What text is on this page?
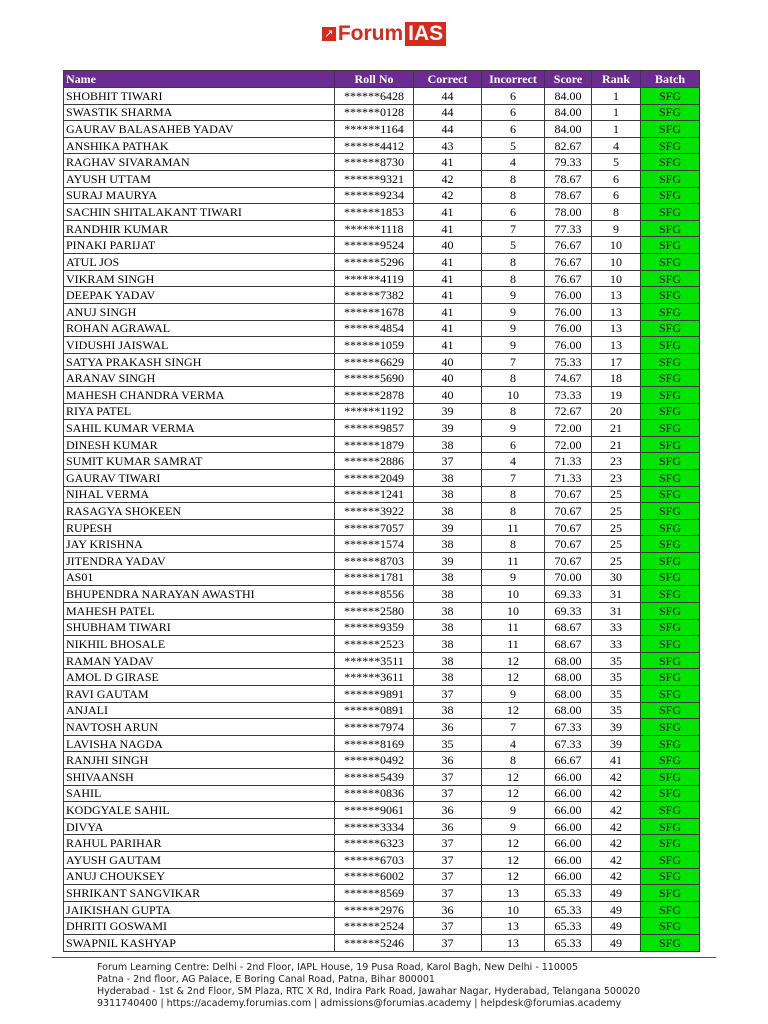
↗ Forum IAS
Name	Roll No	Correct	Incorrect	Score	Rank	Batch
SHOBHIT TIWARI	******6428	44	6	84.00	1	SFG
SWASTIK SHARMA	******0128	44	6	84.00	1	SFG
GAURAV BALASAHEB YADAV	******1164	44	6	84.00	1	SFG
ANSHIKA PATHAK	******4412	43	5	82.67	4	SFG
RAGHAV SIVARAMAN	******8730	41	4	79.33	5	SFG
AYUSH UTTAM	******9321	42	8	78.67	6	SFG
SURAJ MAURYA	******9234	42	8	78.67	6	SFG
SACHIN SHITALAKANT TIWARI	******1853	41	6	78.00	8	SFG
RANDHIR KUMAR	******1118	41	7	77.33	9	SFG
PINAKI PARIJAT	******9524	40	5	76.67	10	SFG
ATUL JOS	******5296	41	8	76.67	10	SFG
VIKRAM SINGH	******4119	41	8	76.67	10	SFG
DEEPAK YADAV	******7382	41	9	76.00	13	SFG
ANUJ SINGH	******1678	41	9	76.00	13	SFG
ROHAN AGRAWAL	******4854	41	9	76.00	13	SFG
VIDUSHI JAISWAL	******1059	41	9	76.00	13	SFG
SATYA PRAKASH SINGH	******6629	40	7	75.33	17	SFG
ARANAV SINGH	******5690	40	8	74.67	18	SFG
MAHESH CHANDRA VERMA	******2878	40	10	73.33	19	SFG
RIYA PATEL	******1192	39	8	72.67	20	SFG
SAHIL KUMAR VERMA	******9857	39	9	72.00	21	SFG
DINESH KUMAR	******1879	38	6	72.00	21	SFG
SUMIT KUMAR SAMRAT	******2886	37	4	71.33	23	SFG
GAURAV TIWARI	******2049	38	7	71.33	23	SFG
NIHAL VERMA	******1241	38	8	70.67	25	SFG
RASAGYA SHOKEEN	******3922	38	8	70.67	25	SFG
RUPESH	******7057	39	11	70.67	25	SFG
JAY KRISHNA	******1574	38	8	70.67	25	SFG
JITENDRA YADAV	******8703	39	11	70.67	25	SFG
AS01	******1781	38	9	70.00	30	SFG
BHUPENDRA NARAYAN AWASTHI	******8556	38	10	69.33	31	SFG
MAHESH PATEL	******2580	38	10	69.33	31	SFG
SHUBHAM TIWARI	******9359	38	11	68.67	33	SFG
NIKHIL BHOSALE	******2523	38	11	68.67	33	SFG
RAMAN YADAV	******3511	38	12	68.00	35	SFG
AMOL D GIRASE	******3611	38	12	68.00	35	SFG
RAVI GAUTAM	******9891	37	9	68.00	35	SFG
ANJALI	******0891	38	12	68.00	35	SFG
NAVTOSH ARUN	******7974	36	7	67.33	39	SFG
LAVISHA NAGDA	******8169	35	4	67.33	39	SFG
RANJHI SINGH	******0492	36	8	66.67	41	SFG
SHIVAANSH	******5439	37	12	66.00	42	SFG
SAHIL	******0836	37	12	66.00	42	SFG
KODGYALE SAHIL	******9061	36	9	66.00	42	SFG
DIVYA	******3334	36	9	66.00	42	SFG
RAHUL PARIHAR	******6323	37	12	66.00	42	SFG
AYUSH GAUTAM	******6703	37	12	66.00	42	SFG
ANUJ CHOUKSEY	******6002	37	12	66.00	42	SFG
SHRIKANT SANGVIKAR	******8569	37	13	65.33	49	SFG
JAIKISHAN GUPTA	******2976	36	10	65.33	49	SFG
DHRITI GOSWAMI	******2524	37	13	65.33	49	SFG
SWAPNIL KASHYAP	******5246	37	13	65.33	49	SFG
Forum Learning Centre: Delhi - 2nd Floor, IAPL House, 19 Pusa Road, Karol Bagh, New Delhi - 110005
Patna - 2nd floor, AG Palace, E Boring Canal Road, Patna, Bihar 800001
Hyderabad - 1st & 2nd Floor, SM Plaza, RTC X Rd, Indira Park Road, Jawahar Nagar, Hyderabad, Telangana 500020
9311740400 | https://academy.forumias.com | admissions@forumias.academy | helpdesk@forumias.academy
